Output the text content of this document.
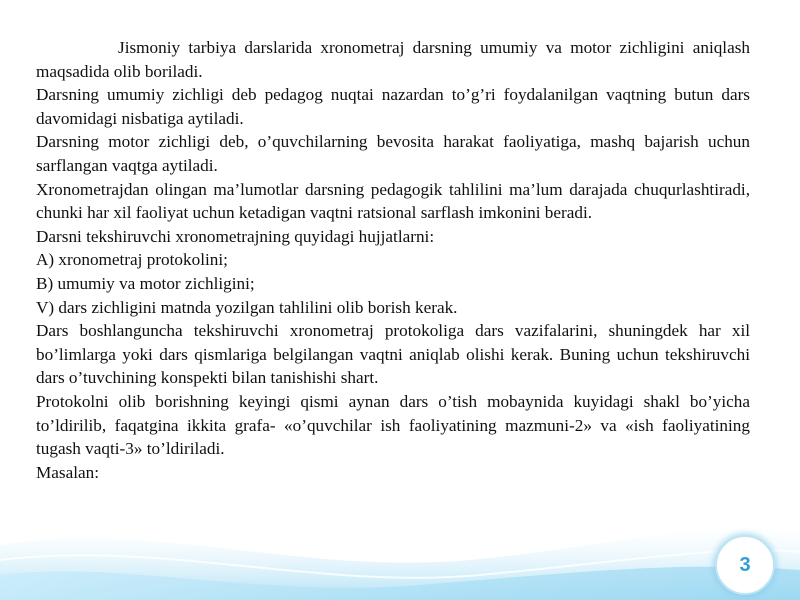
Jismoniy tarbiya darslarida xronometraj darsning umumiy va motor zichligini aniqlash maqsadida olib boriladi.

Darsning umumiy zichligi deb pedagog nuqtai nazardan to’g’ri foydalanilgan vaqtning butun dars davomidagi nisbatiga aytiladi.

Darsning motor zichligi deb, o’quvchilarning bevosita harakat faoliyatiga, mashq bajarish uchun sarflangan vaqtga aytiladi.

Xronometrajdan olingan ma’lumotlar darsning pedagogik tahlilini ma’lum darajada chuqurlashtiradi, chunki har xil faoliyat uchun ketadigan vaqtni ratsional sarflash imkonini beradi.

Darsni tekshiruvchi xronometrajning quyidagi hujjatlarni:

A) xronometraj protokolini;

B) umumiy va motor zichligini;

V) dars zichligini matnda yozilgan tahlilini olib borish kerak.

Dars boshlanguncha tekshiruvchi xronometraj protokoliga dars vazifalarini, shuningdek har xil bo’limlarga yoki dars qismlariga belgilangan vaqtni aniqlab olishi kerak. Buning uchun tekshiruvchi dars o’tuvchining konspekti bilan tanishishi shart.

Protokolni olib borishning keyingi qismi aynan dars o’tish mobaynida kuyidagi shakl bo’yicha to’ldirilib, faqatgina ikkita grafa- «o’quvchilar ish faoliyatining mazmuni-2» va «ish faoliyatining tugash vaqti-3» to’ldiriladi.

Masalan:

3
